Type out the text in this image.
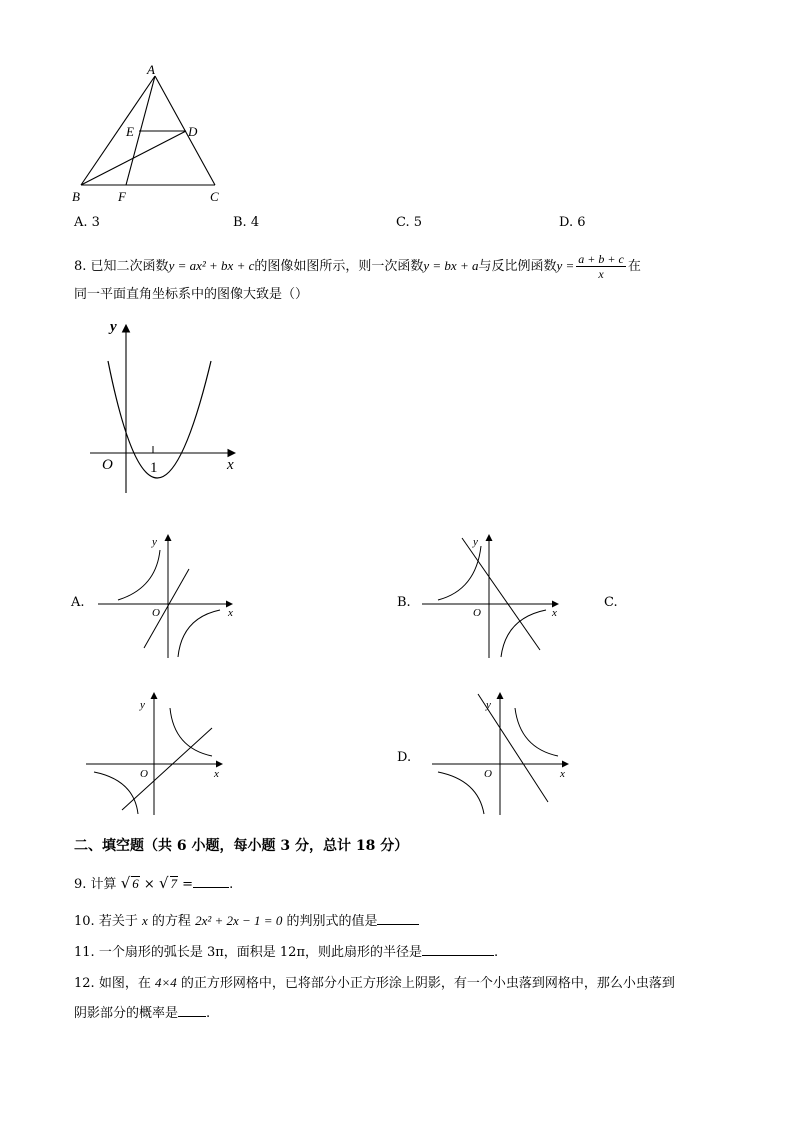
A
E	D
B	F	C
A. 3	B. 4	C. 5	D. 6
8. 已知二次函数y = ax² + bx + c的图像如图所示，则一次函数y = bx + a与反比例函数$y = \frac{a + b + c}{x}$ 在
同一平面直角坐标系中的图像大致是（）
y
x
O 1
A.
y
x
O
B.
y
x
O
C.
y
x
O
D.
y
x
O
二、填空题（共 6 小题，每小题 3 分，总计 18 分）
9. 计算 √ 6 × √ 7 =	.
10. 若关于 x 的方程 2x² + 2x − 1 = 0 的判别式的值是
11. 一个扇形的弧长是 3π，面积是 12π，则此扇形的半径是	.
12. 如图，在 4×4 的正方形网格中，已将部分小正方形涂上阴影，有一个小虫落到网格中，那么小虫落到
阴影部分的概率是 .
